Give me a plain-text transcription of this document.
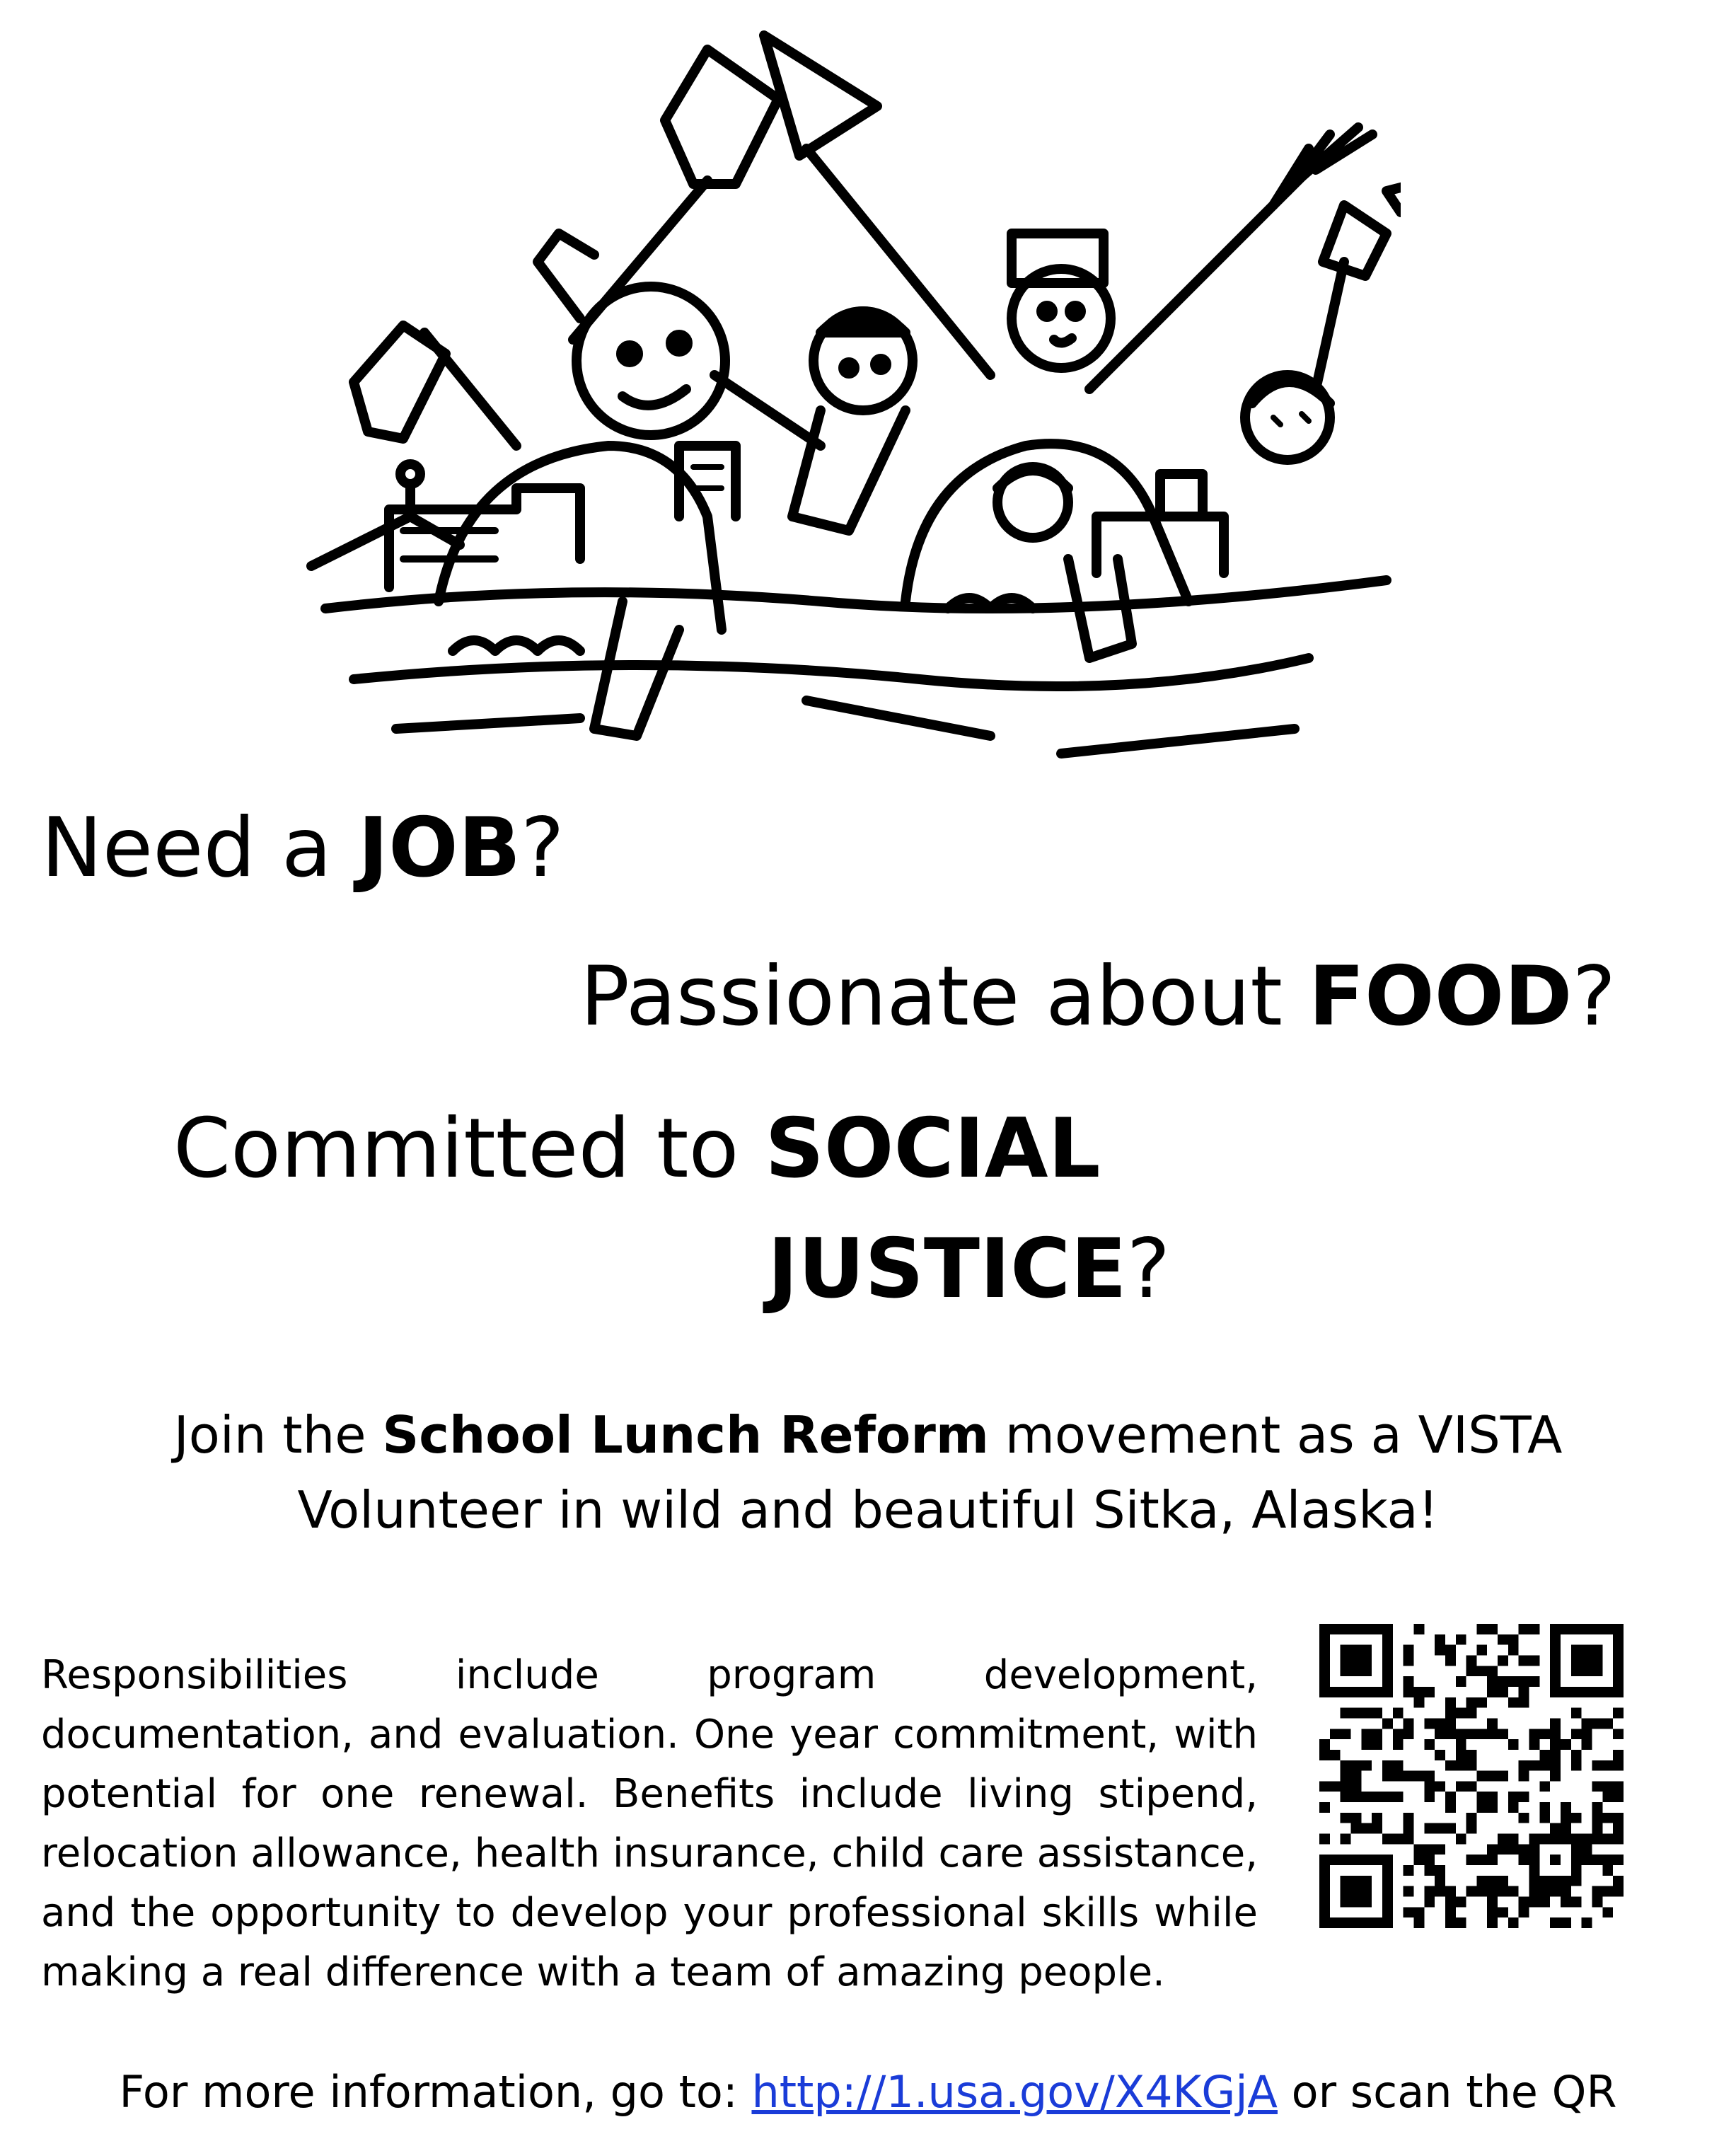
Need a JOB?
Passionate about FOOD?
Committed to SOCIAL
JUSTICE?
Join the School Lunch Reform movement as a VISTA
Volunteer in wild and beautiful Sitka, Alaska!

Responsibilities include program development, documentation, and evaluation. One year commitment, with potential for one renewal. Benefits include living stipend, relocation allowance, health insurance, child care assistance, and the opportunity to develop your professional skills while making a real difference with a team of amazing people.

For more information, go to: http://1.usa.gov/X4KGjA or scan the QR
